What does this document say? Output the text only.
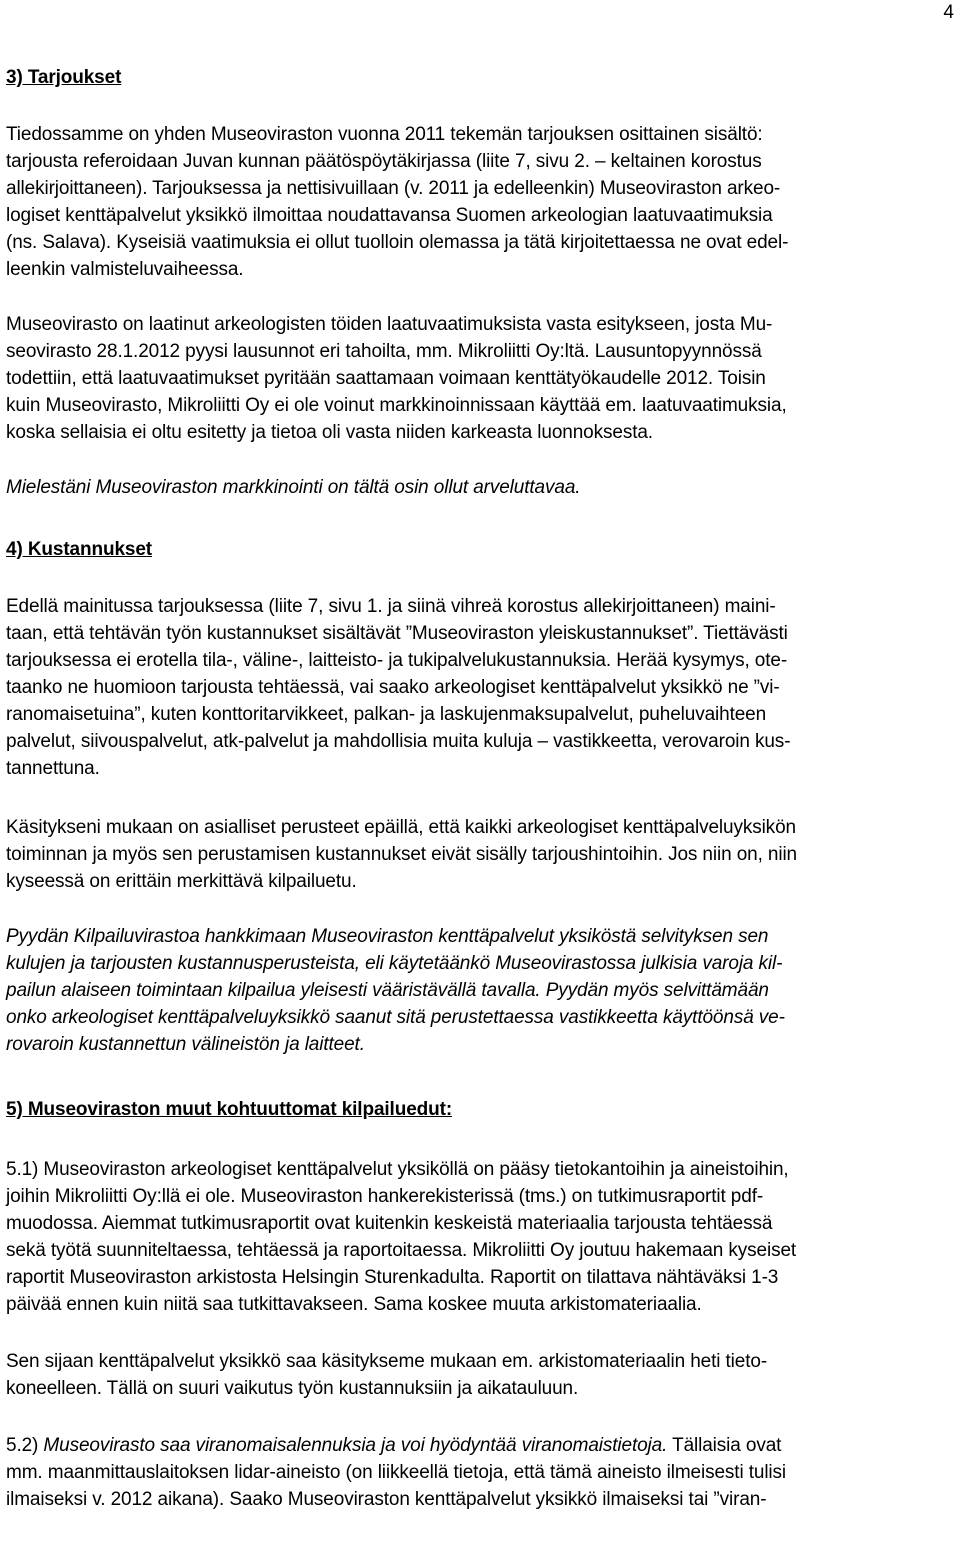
4
3) Tarjoukset

Tiedossamme on yhden Museoviraston vuonna 2011 tekemän tarjouksen osittainen sisältö:
tarjousta referoidaan Juvan kunnan päätöspöytäkirjassa (liite 7, sivu 2. – keltainen korostus
allekirjoittaneen). Tarjouksessa ja nettisivuillaan (v. 2011 ja edelleenkin) Museoviraston arkeo-
logiset kenttäpalvelut yksikkö ilmoittaa noudattavansa Suomen arkeologian laatuvaatimuksia
(ns. Salava). Kyseisiä vaatimuksia ei ollut tuolloin olemassa ja tätä kirjoitettaessa ne ovat edel-
leenkin valmisteluvaiheessa.

Museovirasto on laatinut arkeologisten töiden laatuvaatimuksista vasta esitykseen, josta Mu-
seovirasto 28.1.2012 pyysi lausunnot eri tahoilta, mm. Mikroliitti Oy:ltä. Lausuntopyynnössä
todettiin, että laatuvaatimukset pyritään saattamaan voimaan kenttätyökaudelle 2012. Toisin
kuin Museovirasto, Mikroliitti Oy ei ole voinut markkinoinnissaan käyttää em. laatuvaatimuksia,
koska sellaisia ei oltu esitetty ja tietoa oli vasta niiden karkeasta luonnoksesta.

Mielestäni Museoviraston markkinointi on tältä osin ollut arveluttavaa.

4) Kustannukset

Edellä mainitussa tarjouksessa (liite 7, sivu 1. ja siinä vihreä korostus allekirjoittaneen) maini-
taan, että tehtävän työn kustannukset sisältävät ”Museoviraston yleiskustannukset”. Tiettävästi
tarjouksessa ei erotella tila-, väline-, laitteisto- ja tukipalvelukustannuksia. Herää kysymys, ote-
taanko ne huomioon tarjousta tehtäessä, vai saako arkeologiset kenttäpalvelut yksikkö ne ”vi-
ranomaisetuina”, kuten konttoritarvikkeet, palkan- ja laskujenmaksupalvelut, puheluvaihteen
palvelut, siivouspalvelut, atk-palvelut ja mahdollisia muita kuluja – vastikkeetta, verovaroin kus-
tannettuna.

Käsitykseni mukaan on asialliset perusteet epäillä, että kaikki arkeologiset kenttäpalveluyksikön
toiminnan ja myös sen perustamisen kustannukset eivät sisälly tarjoushintoihin. Jos niin on, niin
kyseessä on erittäin merkittävä kilpailuetu.

Pyydän Kilpailuvirastoa hankkimaan Museoviraston kenttäpalvelut yksiköstä selvityksen sen
kulujen ja tarjousten kustannusperusteista, eli käytetäänkö Museovirastossa julkisia varoja kil-
pailun alaiseen toimintaan kilpailua yleisesti vääristävällä tavalla. Pyydän myös selvittämään
onko arkeologiset kenttäpalveluyksikkö saanut sitä perustettaessa vastikkeetta käyttöönsä ve-
rovaroin kustannettun välineistön ja laitteet.

5) Museoviraston muut kohtuuttomat kilpailuedut:

5.1) Museoviraston arkeologiset kenttäpalvelut yksiköllä on pääsy tietokantoihin ja aineistoihin,
joihin Mikroliitti Oy:llä ei ole. Museoviraston hankerekisterissä (tms.) on tutkimusraportit pdf-
muodossa. Aiemmat tutkimusraportit ovat kuitenkin keskeistä materiaalia tarjousta tehtäessä
sekä työtä suunniteltaessa, tehtäessä ja raportoitaessa. Mikroliitti Oy joutuu hakemaan kyseiset
raportit Museoviraston arkistosta Helsingin Sturenkadulta. Raportit on tilattava nähtäväksi 1-3
päivää ennen kuin niitä saa tutkittavakseen. Sama koskee muuta arkistomateriaalia.

Sen sijaan kenttäpalvelut yksikkö saa käsitykseme mukaan em. arkistomateriaalin heti tieto-
koneelleen. Tällä on suuri vaikutus työn kustannuksiin ja aikatauluun.

5.2) Museovirasto saa viranomaisalennuksia ja voi hyödyntää viranomaistietoja. Tällaisia ovat
mm. maanmittauslaitoksen lidar-aineisto (on liikkeellä tietoja, että tämä aineisto ilmeisesti tulisi
ilmaiseksi v. 2012 aikana). Saako Museoviraston kenttäpalvelut yksikkö ilmaiseksi tai ”viran-
